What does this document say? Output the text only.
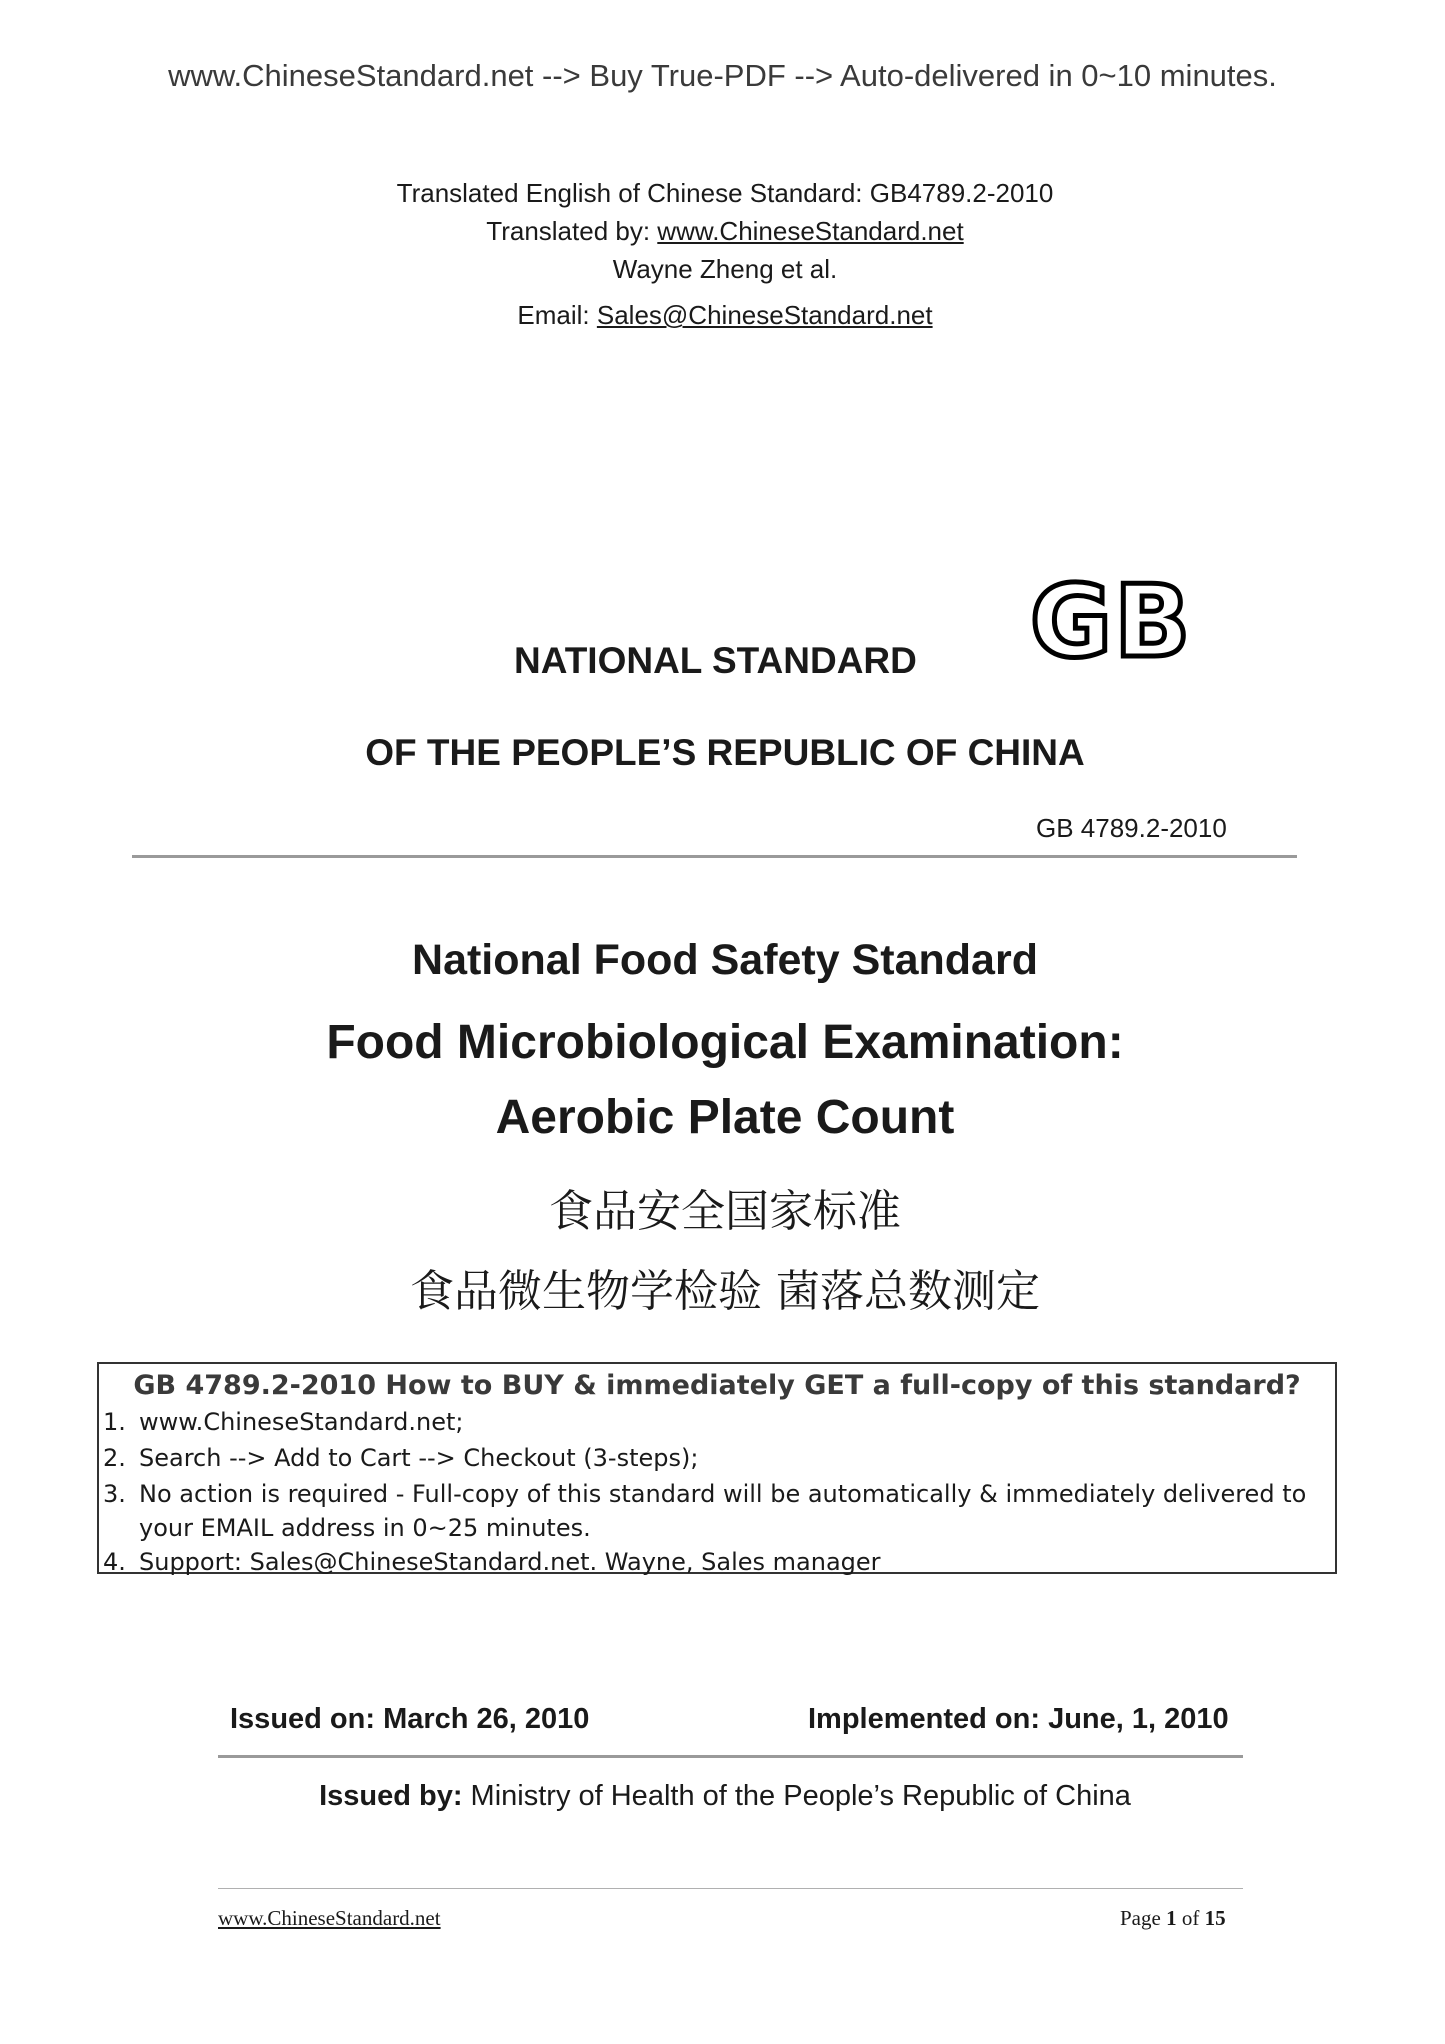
www.ChineseStandard.net --> Buy True-PDF --> Auto-delivered in 0~10 minutes.
Translated English of Chinese Standard: GB4789.2-2010
Translated by: www.ChineseStandard.net
Wayne Zheng et al.
Email: Sales@ChineseStandard.net
GB
NATIONAL STANDARD
OF THE PEOPLE’S REPUBLIC OF CHINA
GB 4789.2-2010
National Food Safety Standard
Food Microbiological Examination:
Aerobic Plate Count
食品安全国家标准
食品微生物学检验 菌落总数测定
GB 4789.2-2010 How to BUY & immediately GET a full-copy of this standard?
1. www.ChineseStandard.net;
2. Search --> Add to Cart --> Checkout (3-steps);
3. No action is required - Full-copy of this standard will be automatically & immediately delivered to
your EMAIL address in 0~25 minutes.
4. Support: Sales@ChineseStandard.net. Wayne, Sales manager
Issued on: March 26, 2010	Implemented on: June, 1, 2010
Issued by: Ministry of Health of the People’s Republic of China
www.ChineseStandard.net	Page 1 of 15
